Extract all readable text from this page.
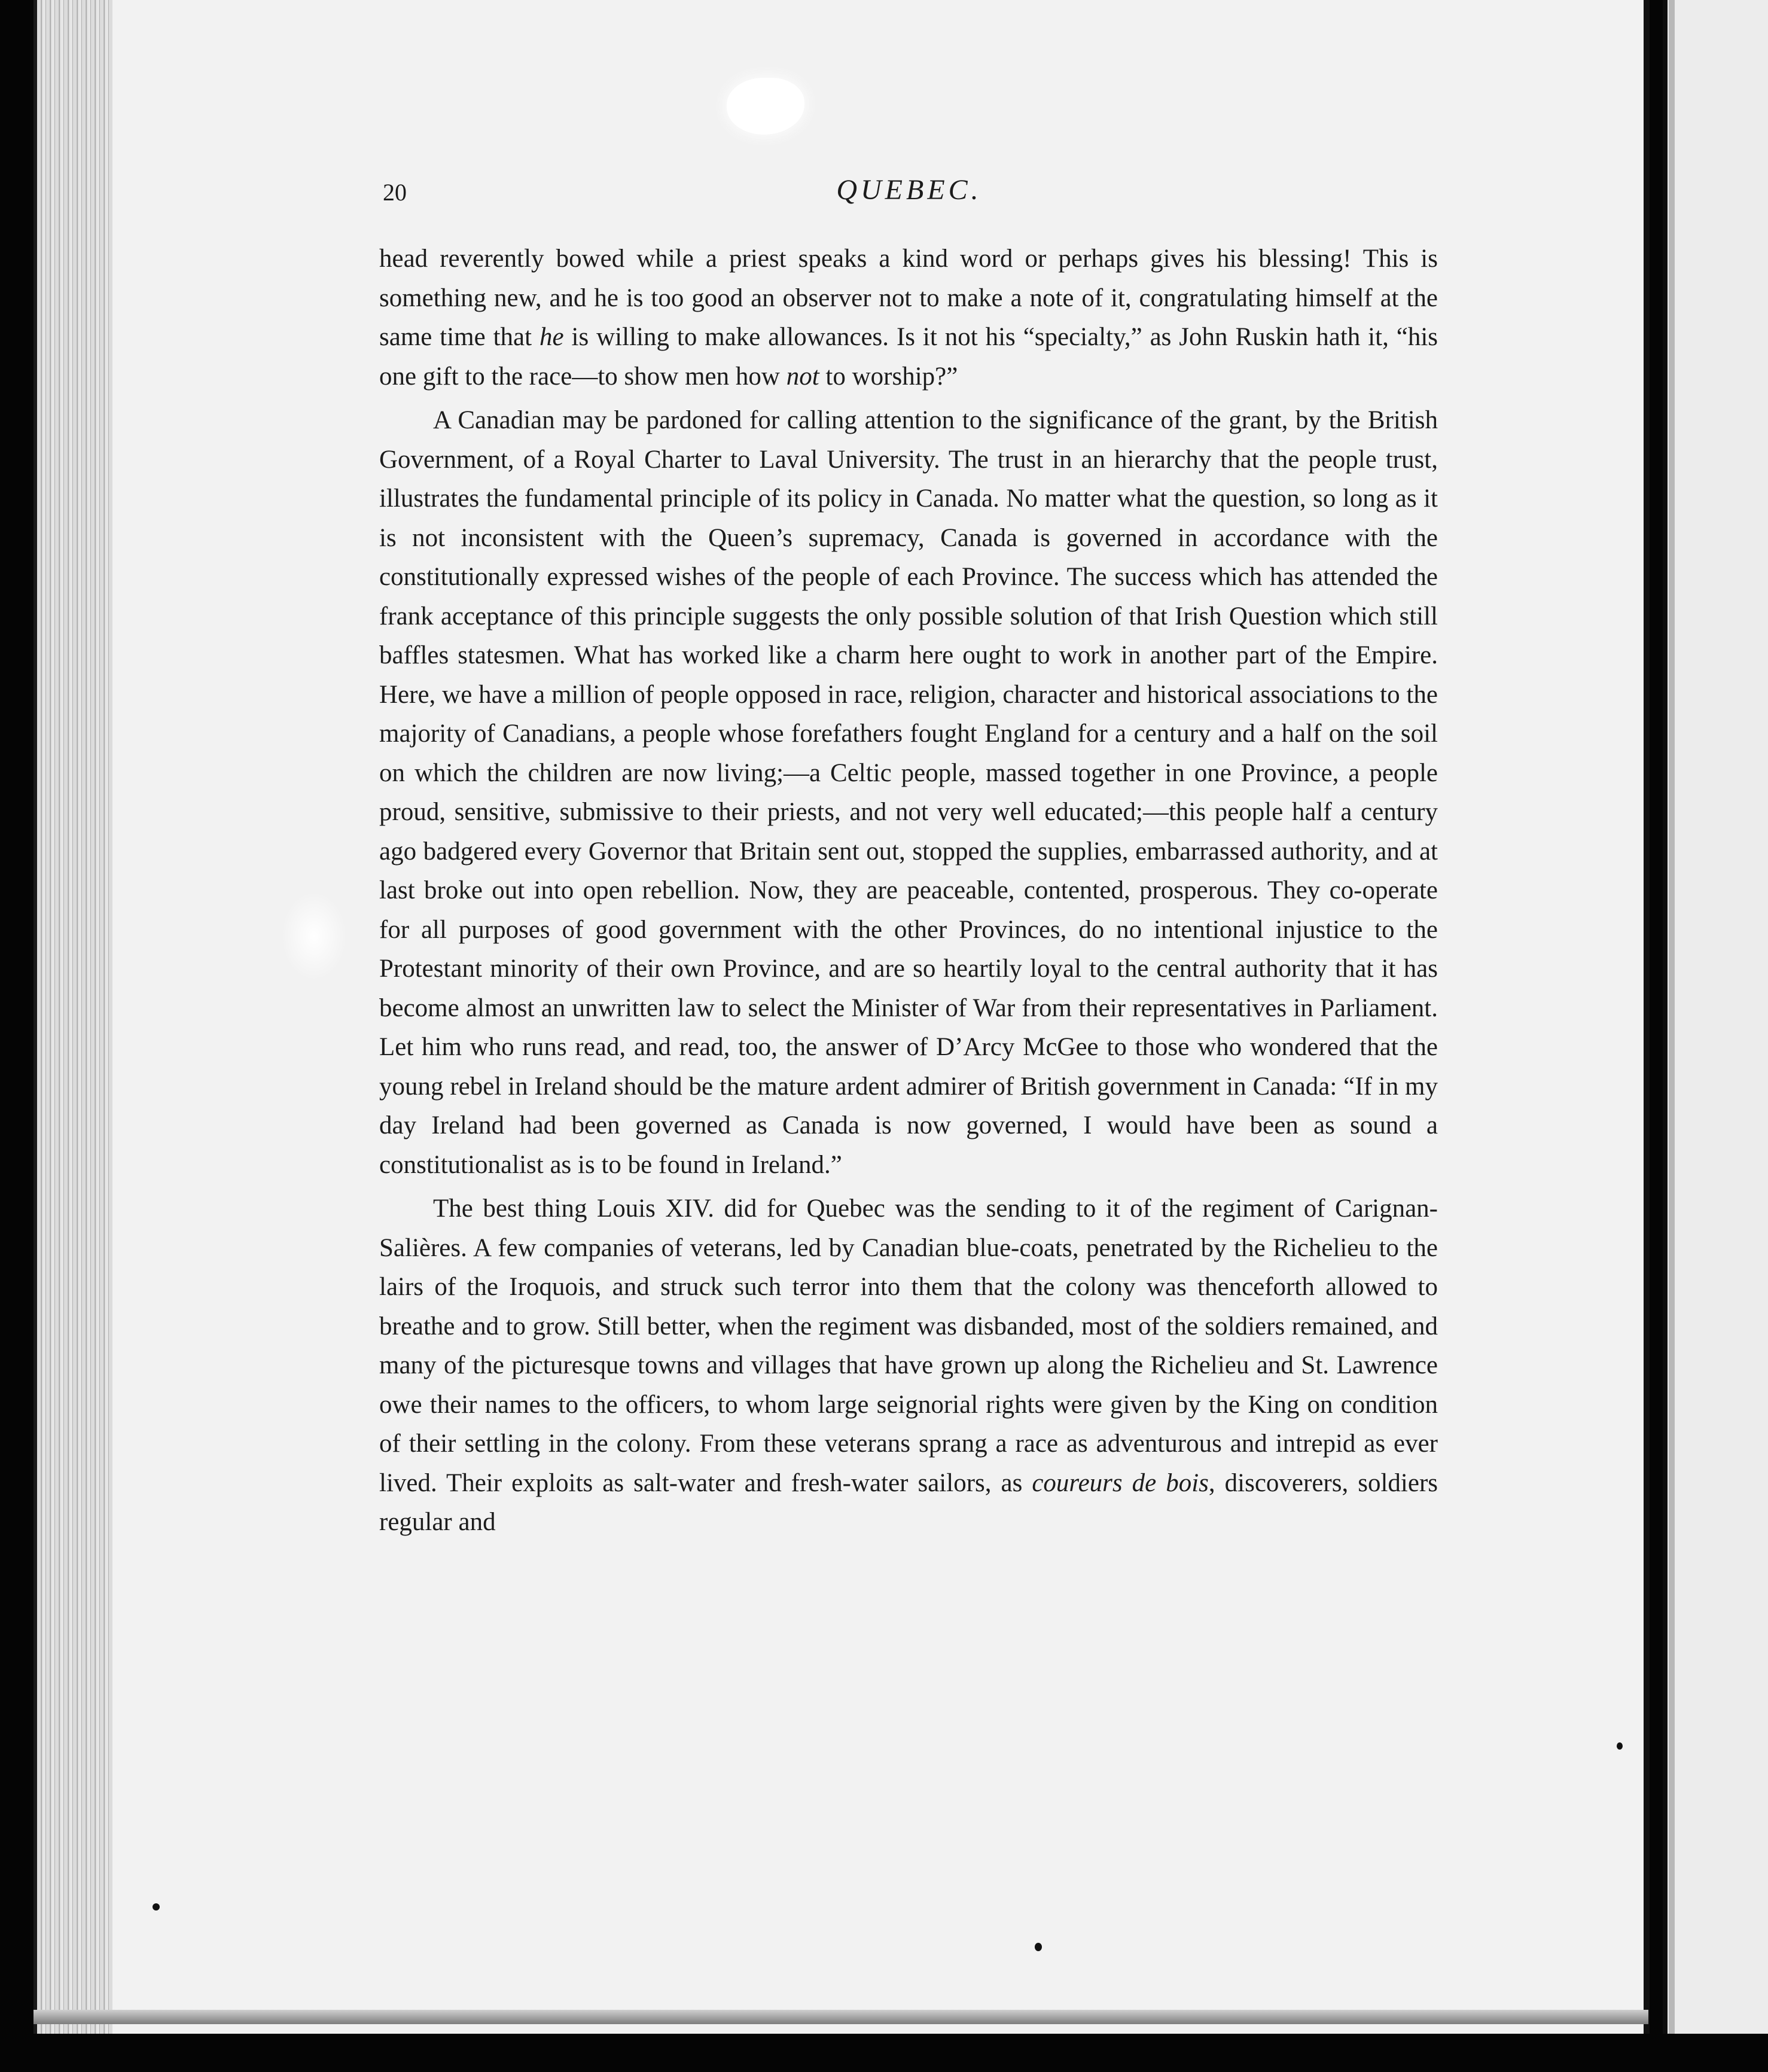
20	QUEBEC.

head reverently bowed while a priest speaks a kind word or perhaps gives his blessing! This is something new, and he is too good an observer not to make a note of it, congratulating himself at the same time that he is willing to make allowances. Is it not his “specialty,” as John Ruskin hath it, “his one gift to the race—to show men how not to worship?”

A Canadian may be pardoned for calling attention to the significance of the grant, by the British Government, of a Royal Charter to Laval University. The trust in an hierarchy that the people trust, illustrates the fundamental principle of its policy in Canada. No matter what the question, so long as it is not inconsistent with the Queen’s supremacy, Canada is governed in accordance with the constitutionally expressed wishes of the people of each Province. The success which has attended the frank acceptance of this principle suggests the only possible solution of that Irish Question which still baffles statesmen. What has worked like a charm here ought to work in another part of the Empire. Here, we have a million of people opposed in race, religion, character and historical associations to the majority of Canadians, a people whose forefathers fought England for a century and a half on the soil on which the children are now living;—a Celtic people, massed together in one Province, a people proud, sensitive, submissive to their priests, and not very well educated;—this people half a century ago badgered every Governor that Britain sent out, stopped the supplies, embarrassed authority, and at last broke out into open rebellion. Now, they are peaceable, contented, prosperous. They co-operate for all purposes of good government with the other Provinces, do no intentional injustice to the Protestant minority of their own Province, and are so heartily loyal to the central authority that it has become almost an unwritten law to select the Minister of War from their representatives in Parliament. Let him who runs read, and read, too, the answer of D’Arcy McGee to those who wondered that the young rebel in Ireland should be the mature ardent admirer of British government in Canada: “If in my day Ireland had been governed as Canada is now governed, I would have been as sound a constitutionalist as is to be found in Ireland.”

The best thing Louis XIV. did for Quebec was the sending to it of the regiment of Carignan-Salières. A few companies of veterans, led by Canadian blue-coats, penetrated by the Richelieu to the lairs of the Iroquois, and struck such terror into them that the colony was thenceforth allowed to breathe and to grow. Still better, when the regiment was disbanded, most of the soldiers remained, and many of the picturesque towns and villages that have grown up along the Richelieu and St. Lawrence owe their names to the officers, to whom large seignorial rights were given by the King on condition of their settling in the colony. From these veterans sprang a race as adventurous and intrepid as ever lived. Their exploits as salt-water and fresh-water sailors, as coureurs de bois, discoverers, soldiers regular and
